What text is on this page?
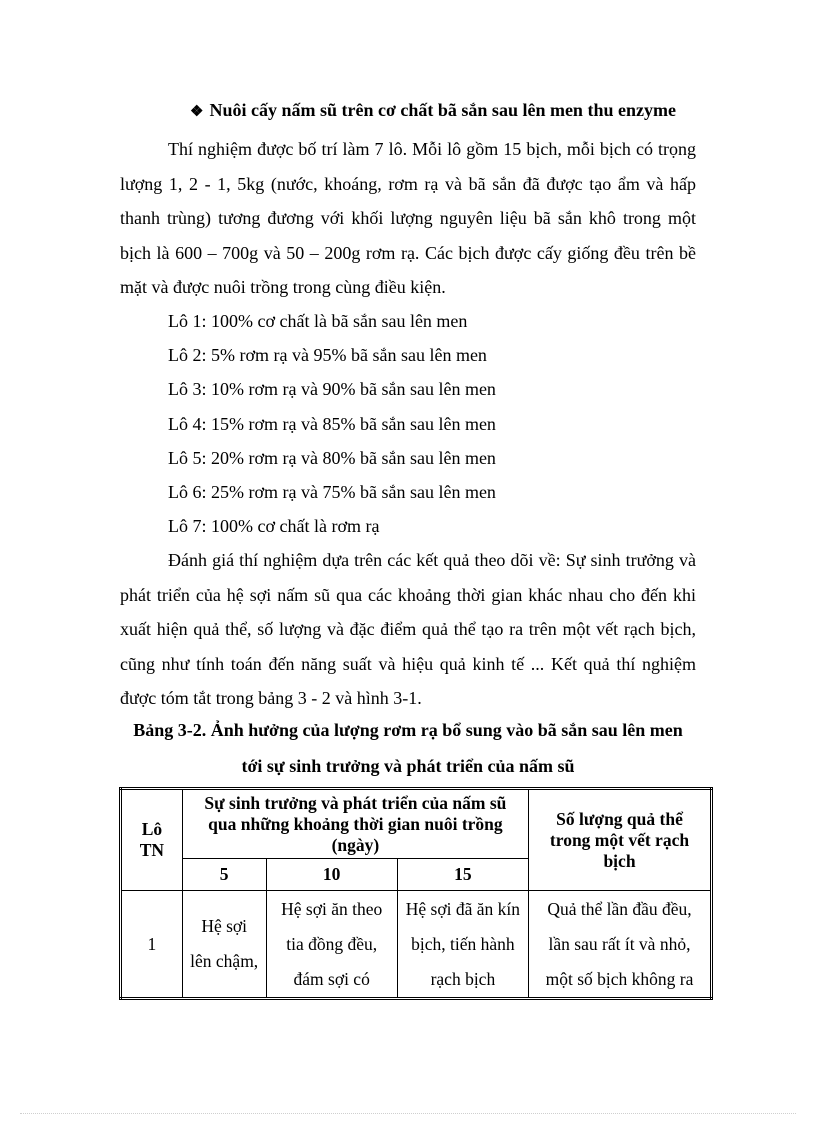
❖ Nuôi cấy nấm sũ trên cơ chất bã sắn sau lên men thu enzyme
Thí nghiệm được bố trí làm 7 lô. Mỗi lô gồm 15 bịch, mỗi bịch có trọng lượng 1, 2 - 1, 5kg (nước, khoáng, rơm rạ và bã sắn đã được tạo ẩm và hấp thanh trùng) tương đương với khối lượng nguyên liệu bã sắn khô trong một bịch là 600 – 700g và 50 – 200g rơm rạ. Các bịch được cấy giống đều trên bề mặt và được nuôi trồng trong cùng điều kiện.
Lô 1: 100% cơ chất là bã sắn sau lên men
Lô 2: 5% rơm rạ và 95% bã sắn sau lên men
Lô 3: 10% rơm rạ và 90% bã sắn sau lên men
Lô 4: 15% rơm rạ và 85% bã sắn sau lên men
Lô 5: 20% rơm rạ và 80% bã sắn sau lên men
Lô 6: 25% rơm rạ và 75% bã sắn sau lên men
Lô 7: 100% cơ chất là rơm rạ
Đánh giá thí nghiệm dựa trên các kết quả theo dõi về: Sự sinh trưởng và phát triển của hệ sợi nấm sũ qua các khoảng thời gian khác nhau cho đến khi xuất hiện quả thể, số lượng và đặc điểm quả thể tạo ra trên một vết rạch bịch, cũng như tính toán đến năng suất và hiệu quả kinh tế ... Kết quả thí nghiệm được tóm tắt trong bảng 3 - 2 và hình 3-1.
Bảng 3-2. Ảnh hưởng của lượng rơm rạ bổ sung vào bã sắn sau lên men
tới sự sinh trưởng và phát triển của nấm sũ
Lô TN	Sự sinh trưởng và phát triển của nấm sũ qua những khoảng thời gian nuôi trồng (ngày)			Số lượng quả thể trong một vết rạch bịch

	5	10	15	
1	Hệ sợi lên chậm,	Hệ sợi ăn theo tia đồng đều, đám sợi có	Hệ sợi đã ăn kín bịch, tiến hành rạch bịch	Quả thể lần đầu đều, lần sau rất ít và nhỏ, một số bịch không ra
